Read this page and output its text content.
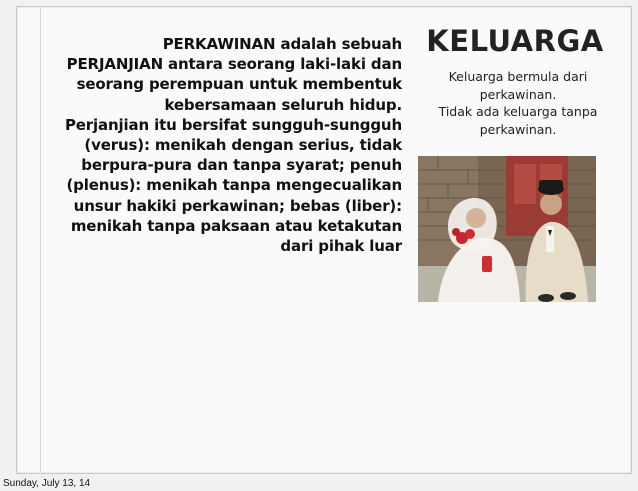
PERKAWINAN adalah sebuah
PERJANJIAN antara seorang laki-laki dan
seorang perempuan untuk membentuk
kebersamaan seluruh hidup.
Perjanjian itu bersifat sungguh-sungguh
(verus): menikah dengan serius, tidak
berpura-pura dan tanpa syarat; penuh
(plenus): menikah tanpa mengecualikan
unsur hakiki perkawinan; bebas (liber):
menikah tanpa paksaan atau ketakutan
dari pihak luar
KELUARGA
Keluarga bermula dari
perkawinan.
Tidak ada keluarga tanpa
perkawinan.
Sunday, July 13, 14
